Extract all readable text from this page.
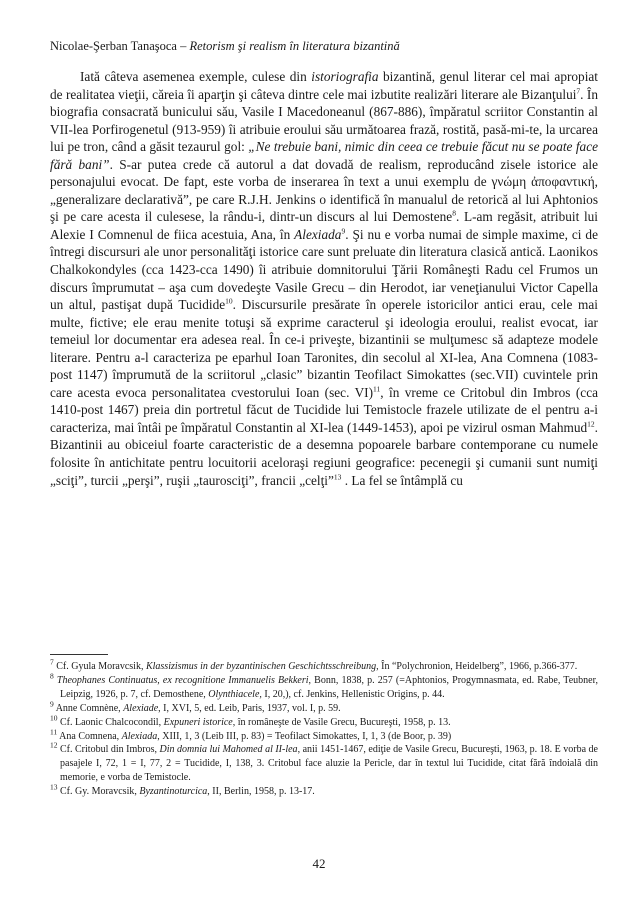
Nicolae-Şerban Tanaşoca – Retorism şi realism în literatura bizantină

Iată câteva asemenea exemple, culese din istoriografia bizantină, genul literar cel mai apropiat de realitatea vieţii, căreia îi aparţin şi câteva dintre cele mai izbutite realizări literare ale Bizanţului$^7$. În biografia consacrată bunicului său, Vasile I Macedoneanul (867-886), împăratul scriitor Constantin al VII-lea Porfirogenetul (913-959) îi atribuie eroului său următoarea frază, rostită, pasă-mi-te, la urcarea lui pe tron, când a găsit tezaurul gol: „Ne trebuie bani, nimic din ceea ce trebuie făcut nu se poate face fără bani”. S-ar putea crede că autorul a dat dovadă de realism, reproducând zisele istorice ale personajului evocat. De fapt, este vorba de inserarea în text a unui exemplu de γνώμη ἀποφαντική, „generalizare declarativă”, pe care R.J.H. Jenkins o identifică în manualul de retorică al lui Aphtonios şi pe care acesta il culesese, la rându-i, dintr-un discurs al lui Demostene$^8$. L-am regăsit, atribuit lui Alexie I Comnenul de fiica acestuia, Ana, în Alexiada$^9$. Şi nu e vorba numai de simple maxime, ci de întregi discursuri ale unor personalităţi istorice care sunt preluate din literatura clasică antică. Laonikos Chalkokondyles (cca 1423-cca 1490) îi atribuie domnitorului Ţării Româneşti Radu cel Frumos un discurs împrumutat – aşa cum dovedeşte Vasile Grecu – din Herodot, iar veneţianului Victor Capella un altul, pastişat după Tucidide$^{10}$. Discursurile presărate în operele istoricilor antici erau, cele mai multe, fictive; ele erau menite totuşi să exprime caracterul şi ideologia eroului, realist evocat, iar temeiul lor documentar era adesea real. În ce-i priveşte, bizantinii se mulţumesc să adapteze modele literare. Pentru a-l caracteriza pe eparhul Ioan Taronites, din secolul al XI-lea, Ana Comnena (1083-post 1147) împrumută de la scriitorul „clasic” bizantin Teofilact Simokattes (sec.VII) cuvintele prin care acesta evoca personalitatea cvestorului Ioan (sec. VI)$^{11}$, în vreme ce Critobul din Imbros (cca 1410-post 1467) preia din portretul făcut de Tucidide lui Temistocle frazele utilizate de el pentru a-i caracteriza, mai întâi pe împăratul Constantin al XI-lea (1449-1453), apoi pe vizirul osman Mahmud$^{12}$. Bizantinii au obiceiul foarte caracteristic de a desemna popoarele barbare contemporane cu numele folosite în antichitate pentru locuitorii aceloraşi regiuni geografice: pecenegii şi cumanii sunt numiţi „sciţi”, turcii „perşi”, ruşii „taurosciţi”, francii „celţi”$^{13}$ . La fel se întâmplă cu

$^7$ Cf. Gyula Moravcsik, Klassizismus in der byzantinischen Geschichtsschreibung, În “Polychronion, Heidelberg”, 1966, p.366-377.

$^8$ Theophanes Continuatus, ex recognitione Immanuelis Bekkeri, Bonn, 1838, p. 257 (=Aphtonios, Progymnasmata, ed. Rabe, Teubner, Leipzig, 1926, p. 7, cf. Demosthene, Olynthiacele, I, 20,), cf. Jenkins, Hellenistic Origins, p. 44.

$^9$ Anne Comnène, Alexiade, I, XVI, 5, ed. Leib, Paris, 1937, vol. I, p. 59.

$^{10}$ Cf. Laonic Chalcocondil, Expuneri istorice, în româneşte de Vasile Grecu, Bucureşti, 1958, p. 13.

$^{11}$ Ana Comnena, Alexiada, XIII, 1, 3 (Leib III, p. 83) = Teofilact Simokattes, I, 1, 3 (de Boor, p. 39)

$^{12}$ Cf. Critobul din Imbros, Din domnia lui Mahomed al II-lea, anii 1451-1467, ediţie de Vasile Grecu, Bucureşti, 1963, p. 18. E vorba de pasajele I, 72, 1 = I, 77, 2 = Tucidide, I, 138, 3. Critobul face aluzie la Pericle, dar în textul lui Tucidide, citat fără îndoială din memorie, e vorba de Temistocle.

$^{13}$ Cf. Gy. Moravcsik, Byzantinoturcica, II, Berlin, 1958, p. 13-17.

42
